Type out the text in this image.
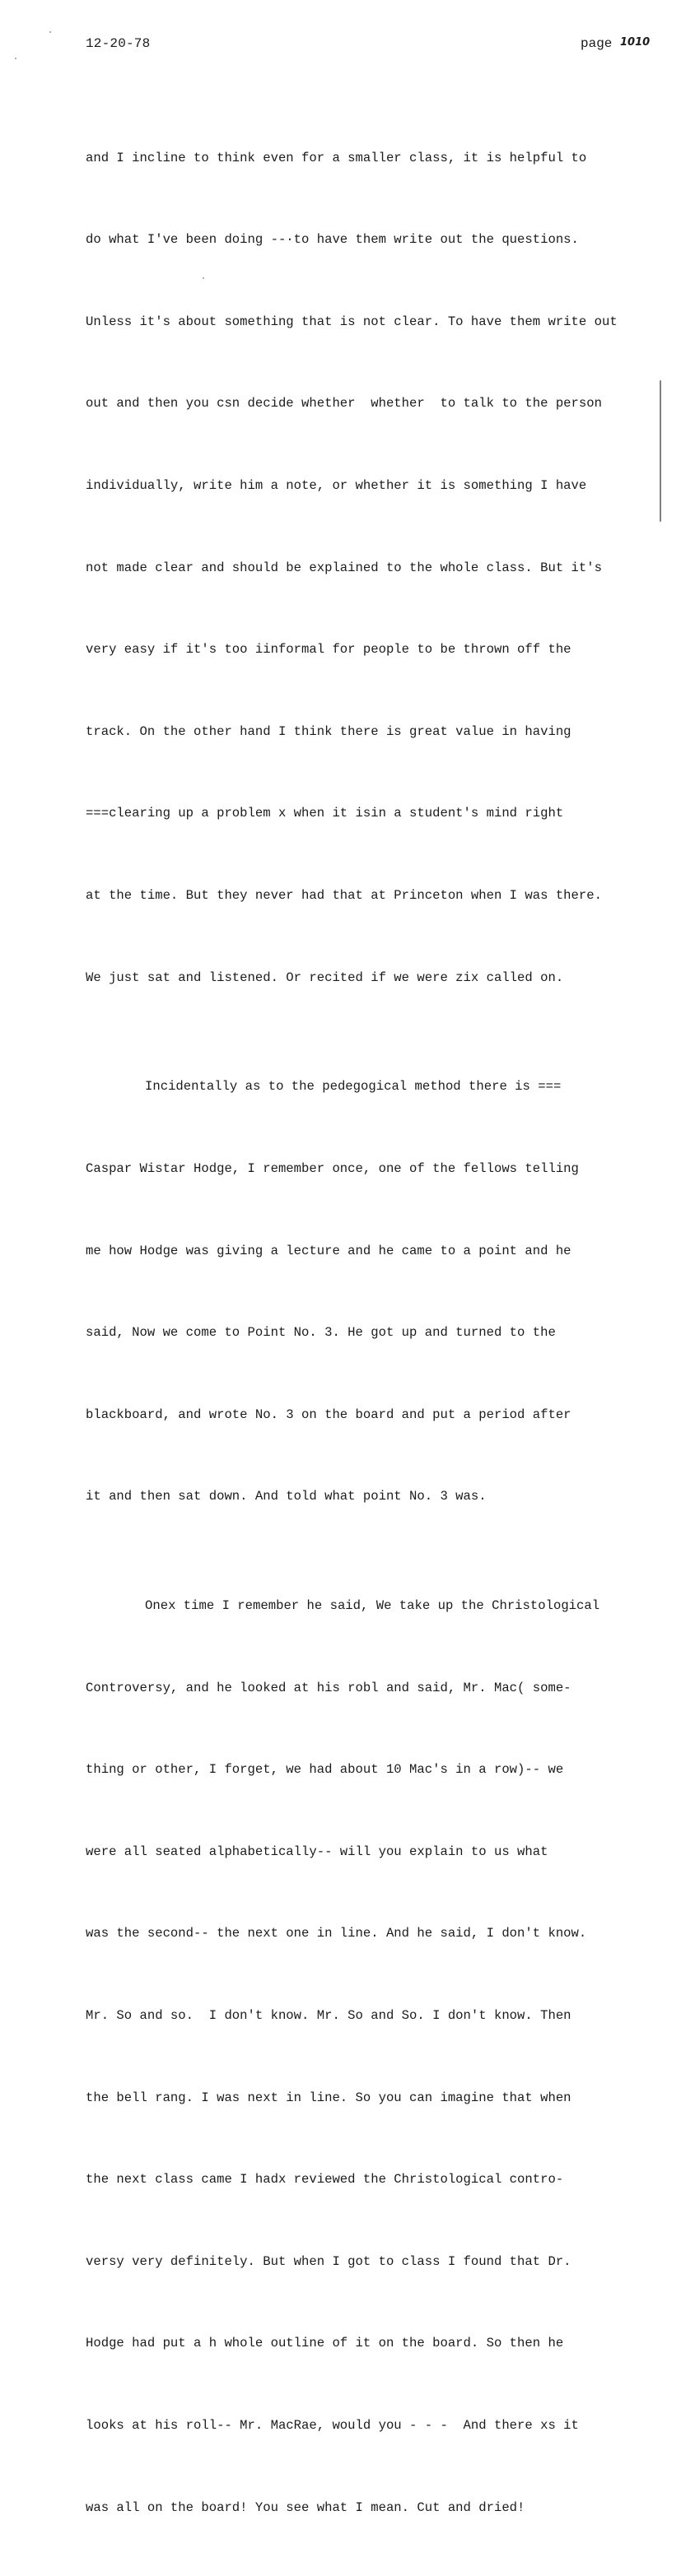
12-20-78	page 1010

and I incline to think even for a smaller class, it is helpful to

do what I've been doing --·to have them write out the questions.

Unless it's about something that is not clear. To have them write out

out and then you csn decide whether  whether  to talk to the person

individually, write him a note, or whether it is something I have

not made clear and should be explained to the whole class. But it's

very easy if it's too iinformal for people to be thrown off the

track. On the other hand I think there is great value in having

===clearing up a problem x when it isin a student's mind right

at the time. But they never had that at Princeton when I was there.

We just sat and listened. Or recited if we were zix called on.

Incidentally as to the pedegogical method there is ===

Caspar Wistar Hodge, I remember once, one of the fellows telling

me how Hodge was giving a lecture and he came to a point and he

said, Now we come to Point No. 3. He got up and turned to the

blackboard, and wrote No. 3 on the board and put a period after

it and then sat down. And told what point No. 3 was.

Onex time I remember he said, We take up the Christological

Controversy, and he looked at his robl and said, Mr. Mac( some-

thing or other, I forget, we had about 10 Mac's in a row)-- we

were all seated alphabetically-- will you explain to us what

was the second-- the next one in line. And he said, I don't know.

Mr. So and so.  I don't know. Mr. So and So. I don't know. Then

the bell rang. I was next in line. So you can imagine that when

the next class came I hadx reviewed the Christological contro-

versy very definitely. But when I got to class I found that Dr.

Hodge had put a h whole outline of it on the board. So then he

looks at his roll-- Mr. MacRae, would you - - -  And there xs it

was all on the board! You see what I mean. Cut and dried!
